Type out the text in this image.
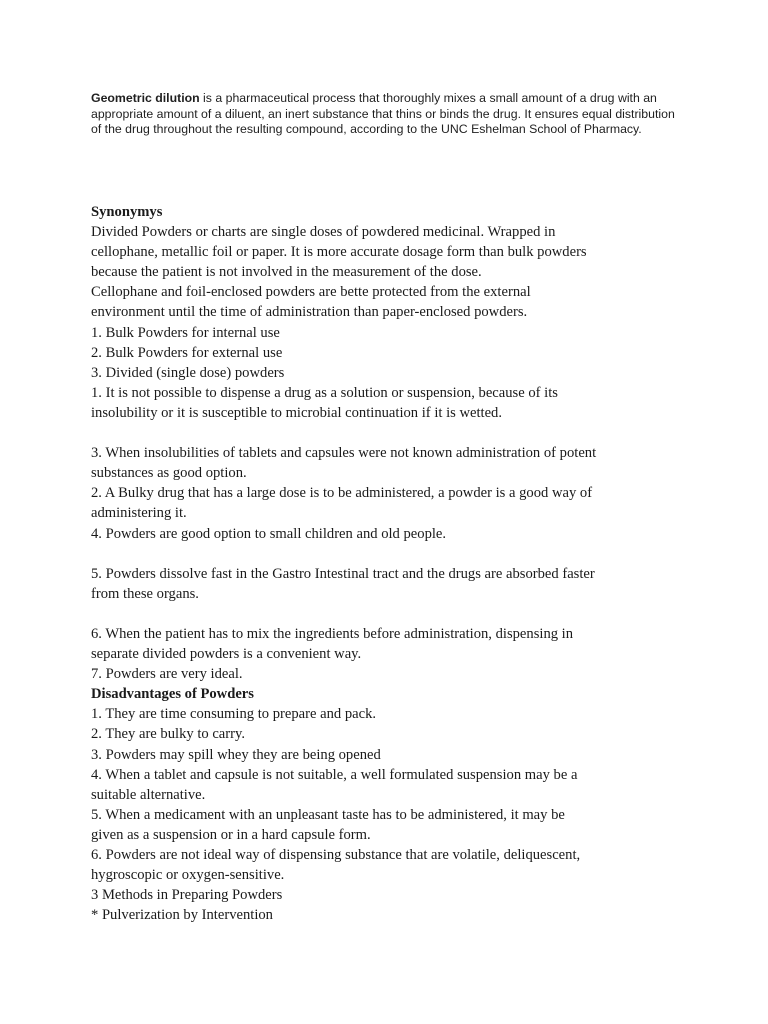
Geometric dilution is a pharmaceutical process that thoroughly mixes a small amount of a drug with an appropriate amount of a diluent, an inert substance that thins or binds the drug. It ensures equal distribution of the drug throughout the resulting compound, according to the UNC Eshelman School of Pharmacy.

Synonymys
Divided Powders or charts are single doses of powdered medicinal. Wrapped in
cellophane, metallic foil or paper. It is more accurate dosage form than bulk powders
because the patient is not involved in the measurement of the dose.
Cellophane and foil-enclosed powders are bette protected from the external
environment until the time of administration than paper-enclosed powders.
1. Bulk Powders for internal use
2. Bulk Powders for external use
3. Divided (single dose) powders
1. It is not possible to dispense a drug as a solution or suspension, because of its
insolubility or it is susceptible to microbial continuation if it is wetted.
3. When insolubilities of tablets and capsules were not known administration of potent
substances as good option.
2. A Bulky drug that has a large dose is to be administered, a powder is a good way of
administering it.
4. Powders are good option to small children and old people.
5. Powders dissolve fast in the Gastro Intestinal tract and the drugs are absorbed faster
from these organs.
6. When the patient has to mix the ingredients before administration, dispensing in
separate divided powders is a convenient way.
7. Powders are very ideal.
Disadvantages of Powders
1. They are time consuming to prepare and pack.
2. They are bulky to carry.
3. Powders may spill whey they are being opened
4. When a tablet and capsule is not suitable, a well formulated suspension may be a
suitable alternative.
5. When a medicament with an unpleasant taste has to be administered, it may be
given as a suspension or in a hard capsule form.
6. Powders are not ideal way of dispensing substance that are volatile, deliquescent,
hygroscopic or oxygen-sensitive.
3 Methods in Preparing Powders
* Pulverization by Intervention
